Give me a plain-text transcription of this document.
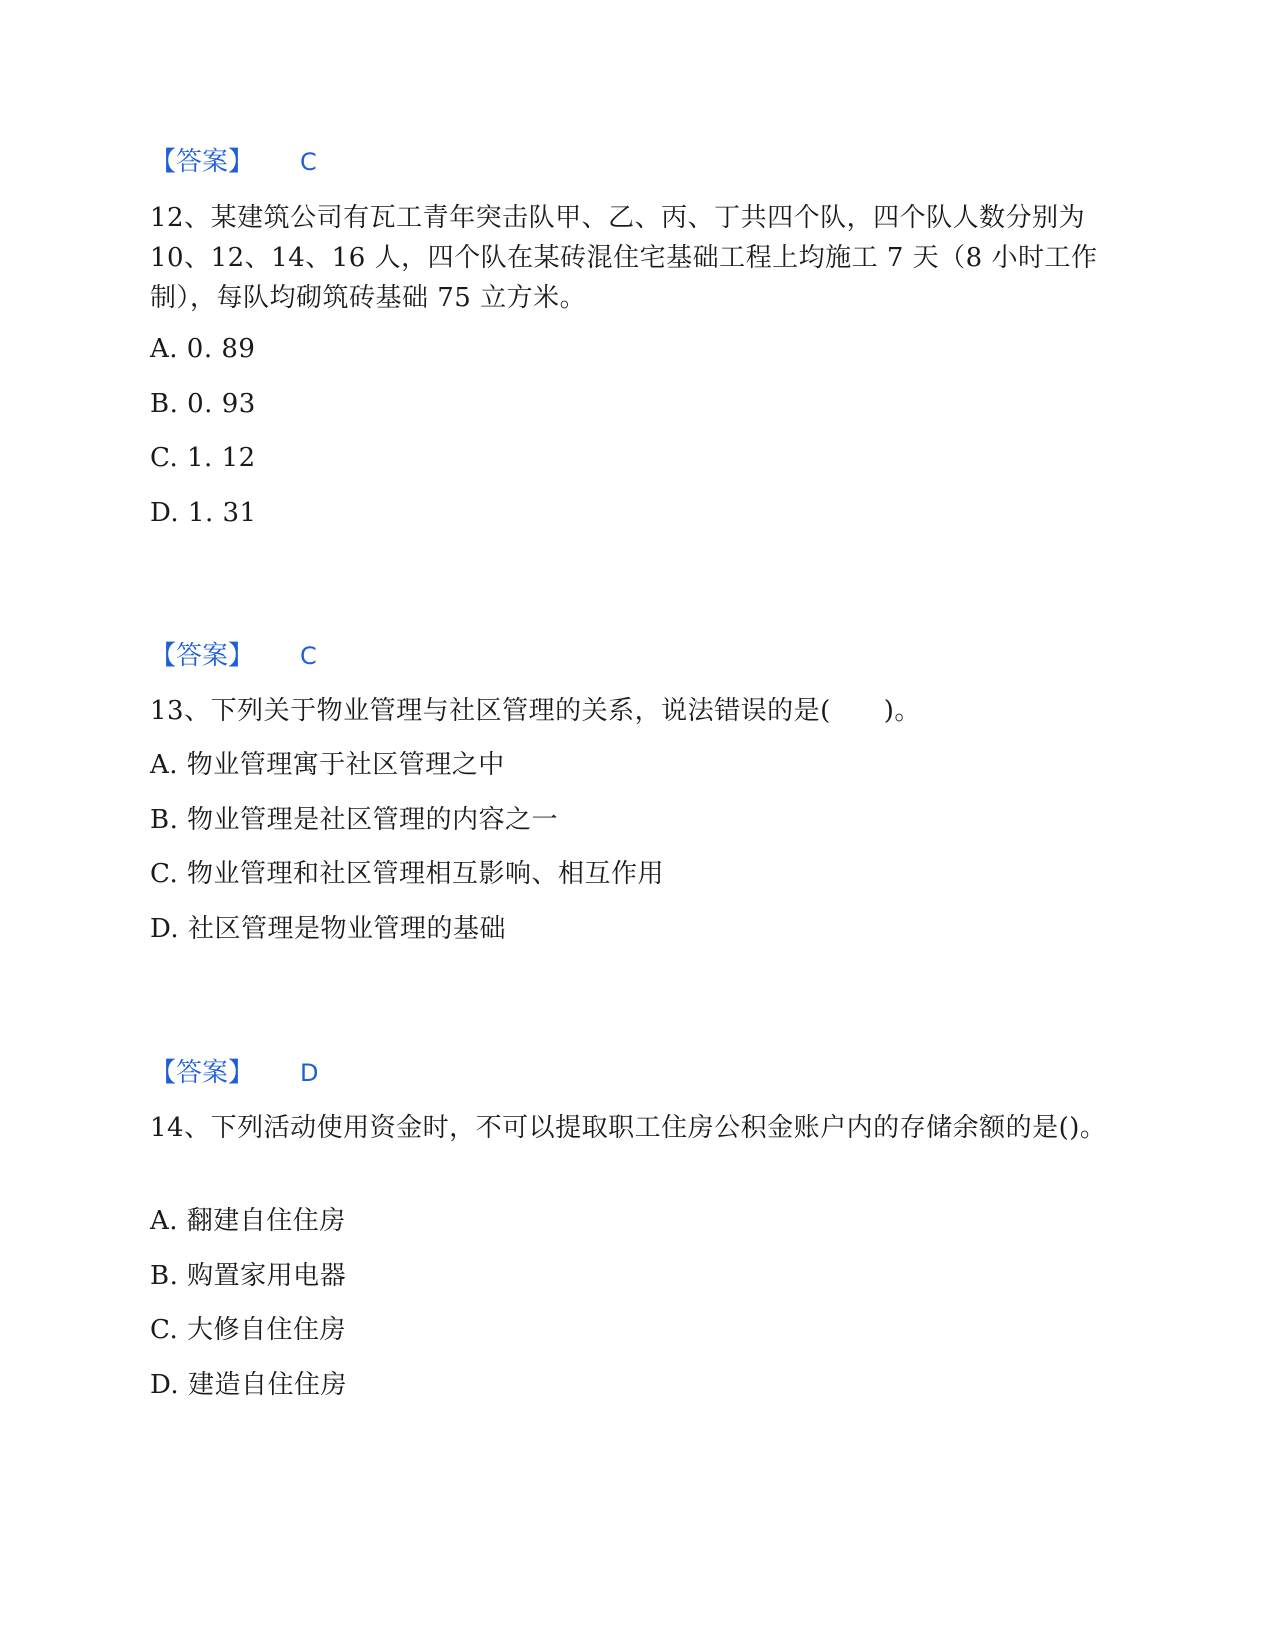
【答案】 C
12、某建筑公司有瓦工青年突击队甲、乙、丙、丁共四个队，四个队人数分别为 10、12、14、16 人，四个队在某砖混住宅基础工程上均施工 7 天（8 小时工作制），每队均砌筑砖基础 75 立方米。
A. 0. 89
B. 0. 93
C. 1. 12
D. 1. 31
【答案】 C
13、下列关于物业管理与社区管理的关系，说法错误的是(　　)。
A. 物业管理寓于社区管理之中
B. 物业管理是社区管理的内容之一
C. 物业管理和社区管理相互影响、相互作用
D. 社区管理是物业管理的基础
【答案】 D
14、下列活动使用资金时，不可以提取职工住房公积金账户内的存储余额的是()。
A. 翻建自住住房
B. 购置家用电器
C. 大修自住住房
D. 建造自住住房
